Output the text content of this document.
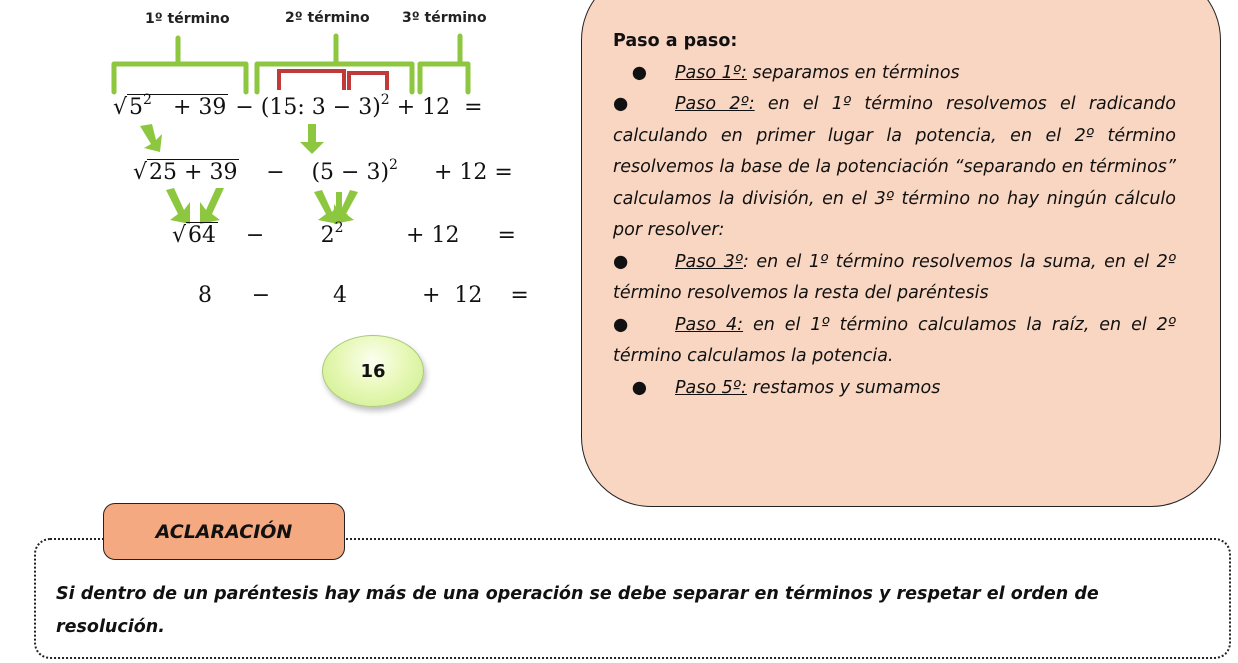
1º término	2º término 3º término
$√5^2 + 39 - (15$: 3 − 3)$^2$ + 12  =
$√25 + 39 - (5 - 3)^2 + 12$ =
√64 −	$2^2$	+ 12 =
8 −	4	+  12 =
16
Paso a paso:
● Paso 1º: separamos en términos
●	Paso 2º: en el 1º término resolvemos el radicando calculando en primer lugar la potencia, en el 2º término resolvemos la base de la potenciación “separando en términos” calculamos la división, en el 3º término no hay ningún cálculo por resolver:
●	Paso 3º: en el 1º término resolvemos la suma, en el 2º término resolvemos la resta del paréntesis
●	Paso 4: en el 1º término calculamos la raíz, en el 2º término calculamos la potencia.
● Paso 5º: restamos y sumamos
ACLARACIÓN
Si dentro de un paréntesis hay más de una operación se debe separar en términos y respetar el orden de resolución.
